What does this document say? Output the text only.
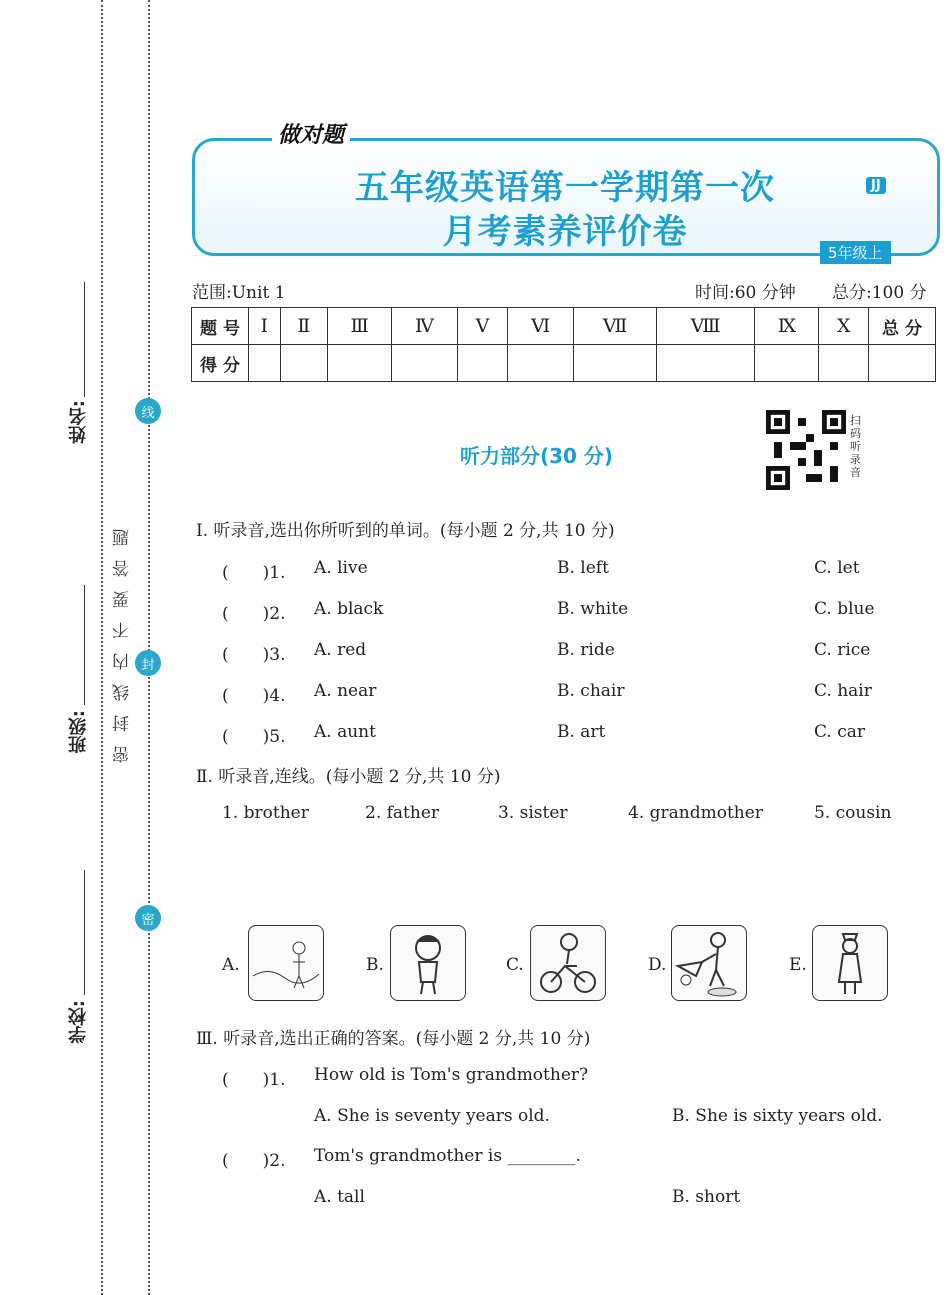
姓名:
班级:
学校:
线
封
密
密封线内不要答题
做对题
五年级英语第一学期第一次
月考素养评价卷
JJ
5年级上
范围:Unit 1	时间:60 分钟 总分:100 分
题 号	Ⅰ	Ⅱ	Ⅲ	Ⅳ	Ⅴ	Ⅵ	Ⅶ	Ⅷ	Ⅸ	Ⅹ	总 分
得 分											
听力部分(30 分)
扫码听录音
Ⅰ. 听录音,选出你所听到的单词。(每小题 2 分,共 10 分)
(　　)1. A. live	B. left	C. let
(　　)2. A. black	B. white	C. blue
(　　)3. A. red	B. ride	C. rice
(　　)4. A. near	B. chair	C. hair
(　　)5. A. aunt	B. art	C. car
Ⅱ. 听录音,连线。(每小题 2 分,共 10 分)
1. brother	2. father	3. sister	4. grandmother	5. cousin
A.	B.	C.	D.	E.
Ⅲ. 听录音,选出正确的答案。(每小题 2 分,共 10 分)
(　　)1. How old is Tom's grandmother?
A. She is seventy years old.	B. She is sixty years old.
(　　)2. Tom's grandmother is ________.
A. tall	B. short
